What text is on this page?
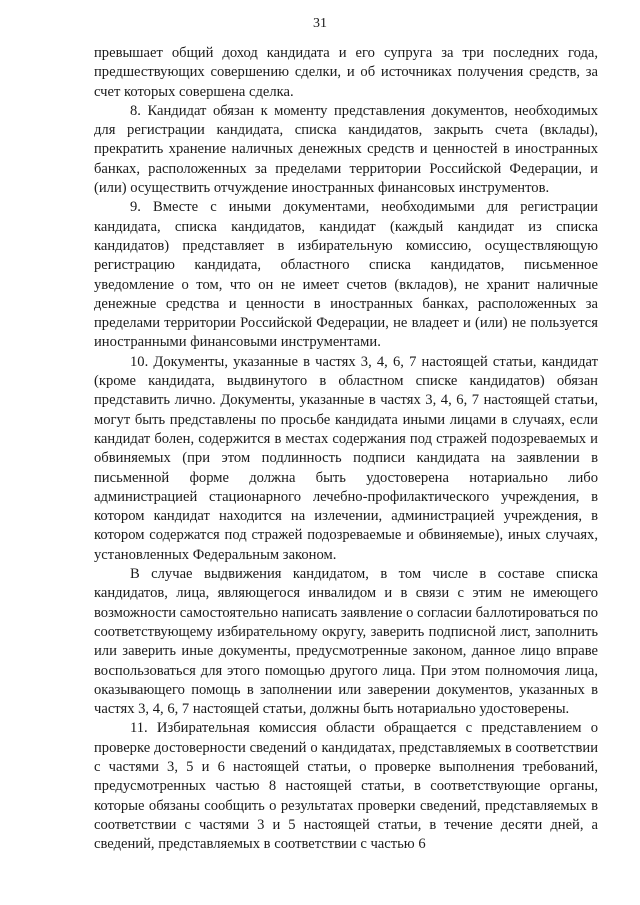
31

превышает общий доход кандидата и его супруга за три последних года, предшествующих совершению сделки, и об источниках получения средств, за счет которых совершена сделка.

8. Кандидат обязан к моменту представления документов, необходимых для регистрации кандидата, списка кандидатов, закрыть счета (вклады), прекратить хранение наличных денежных средств и ценностей в иностранных банках, расположенных за пределами территории Российской Федерации, и (или) осуществить отчуждение иностранных финансовых инструментов.

9. Вместе с иными документами, необходимыми для регистрации кандидата, списка кандидатов, кандидат (каждый кандидат из списка кандидатов) представляет в избирательную комиссию, осуществляющую регистрацию кандидата, областного списка кандидатов, письменное уведомление о том, что он не имеет счетов (вкладов), не хранит наличные денежные средства и ценности в иностранных банках, расположенных за пределами территории Российской Федерации, не владеет и (или) не пользуется иностранными финансовыми инструментами.

10. Документы, указанные в частях 3, 4, 6, 7 настоящей статьи, кандидат (кроме кандидата, выдвинутого в областном списке кандидатов) обязан представить лично. Документы, указанные в частях 3, 4, 6, 7 настоящей статьи, могут быть представлены по просьбе кандидата иными лицами в случаях, если кандидат болен, содержится в местах содержания под стражей подозреваемых и обвиняемых (при этом подлинность подписи кандидата на заявлении в письменной форме должна быть удостоверена нотариально либо администрацией стационарного лечебно-профилактического учреждения, в котором кандидат находится на излечении, администрацией учреждения, в котором содержатся под стражей подозреваемые и обвиняемые), иных случаях, установленных Федеральным законом.

В случае выдвижения кандидатом, в том числе в составе списка кандидатов, лица, являющегося инвалидом и в связи с этим не имеющего возможности самостоятельно написать заявление о согласии баллотироваться по соответствующему избирательному округу, заверить подписной лист, заполнить или заверить иные документы, предусмотренные законом, данное лицо вправе воспользоваться для этого помощью другого лица. При этом полномочия лица, оказывающего помощь в заполнении или заверении документов, указанных в частях 3, 4, 6, 7 настоящей статьи, должны быть нотариально удостоверены.

11. Избирательная комиссия области обращается с представлением о проверке достоверности сведений о кандидатах, представляемых в соответствии с частями 3, 5 и 6 настоящей статьи, о проверке выполнения требований, предусмотренных частью 8 настоящей статьи, в соответствующие органы, которые обязаны сообщить о результатах проверки сведений, представляемых в соответствии с частями 3 и 5 настоящей статьи, в течение десяти дней, а сведений, представляемых в соответствии с частью 6
